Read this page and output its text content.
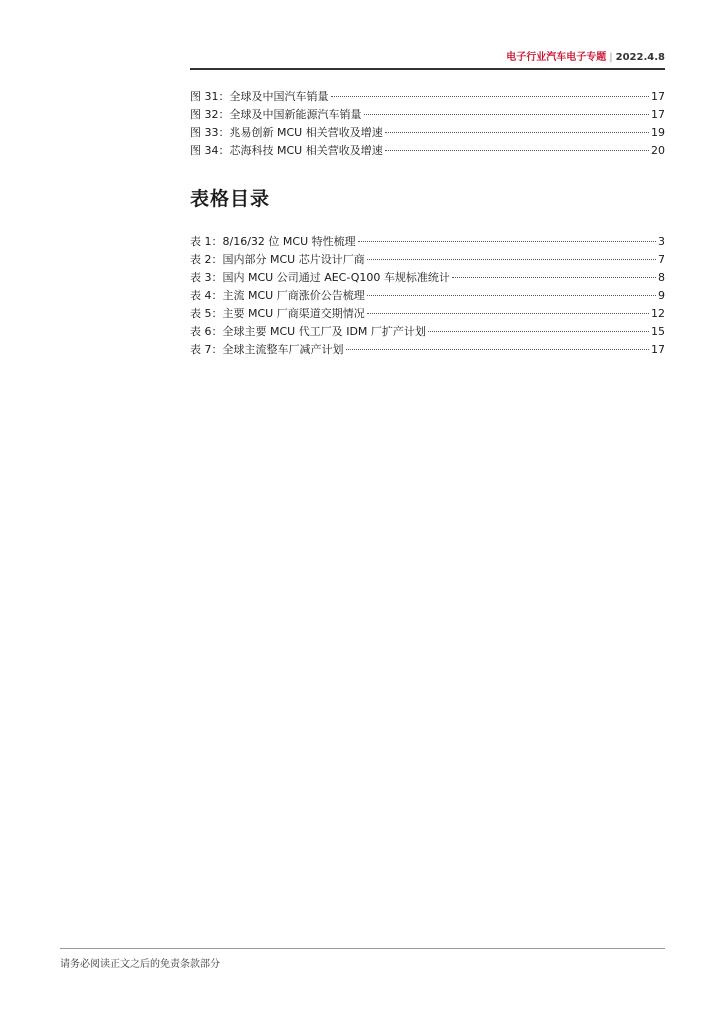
电子行业汽车电子专题 | 2022.4.8
图 31：全球及中国汽车销量	17
图 32：全球及中国新能源汽车销量	17
图 33：兆易创新 MCU 相关营收及增速	19
图 34：芯海科技 MCU 相关营收及增速	20
表格目录
表 1：8/16/32 位 MCU 特性梳理	3
表 2：国内部分 MCU 芯片设计厂商	7
表 3：国内 MCU 公司通过 AEC-Q100 车规标准统计	8
表 4：主流 MCU 厂商涨价公告梳理	9
表 5：主要 MCU 厂商渠道交期情况	12
表 6：全球主要 MCU 代工厂及 IDM 厂扩产计划	15
表 7：全球主流整车厂减产计划	17
请务必阅读正文之后的免责条款部分
